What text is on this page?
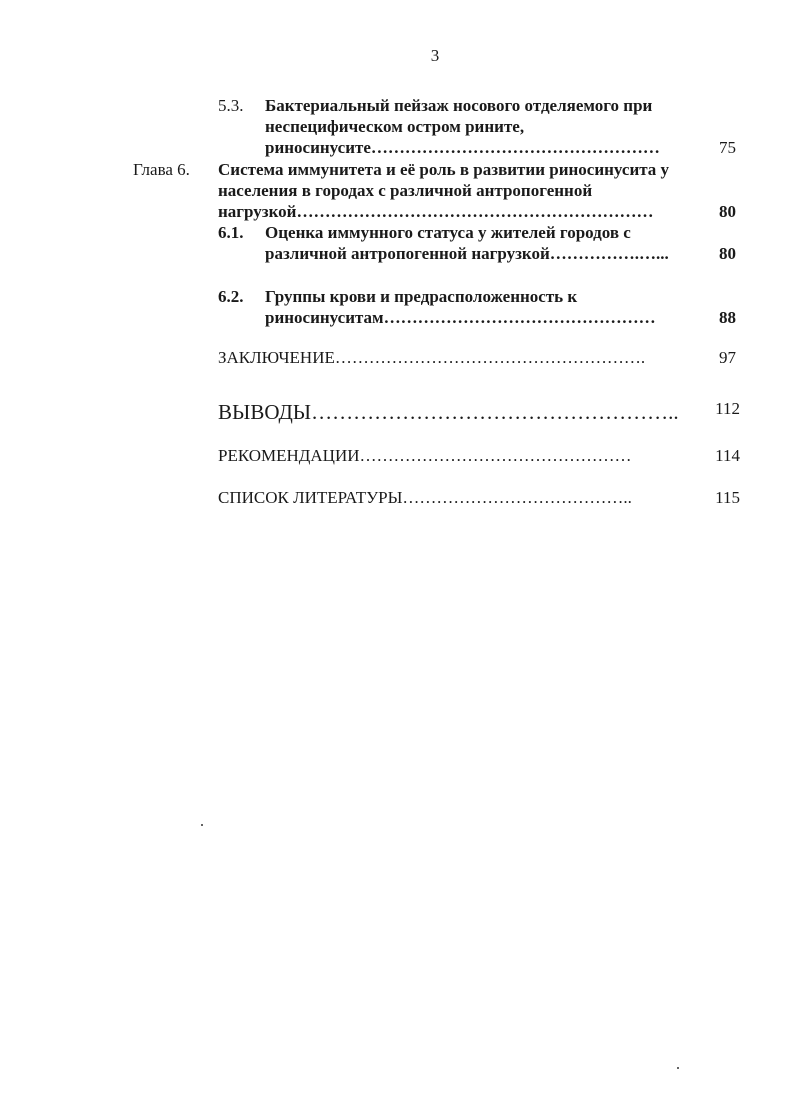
3
5.3. Бактериальный пейзаж носового отделяемого при
неспецифическом остром рините,
риносинуситe……………………………………………	75
Глава 6. Система иммунитета и её роль в развитии риносинусита у
населения в городах с различной антропогенной
нагрузкой………………………………………………………	80
6.1. Оценка иммунного статуса у жителей городов с
различной антропогенной нагрузкой…………….…...	80
6.2. Группы крови и предрасположенность к
риносинуситам…………………………………………	88
ЗАКЛЮЧЕНИЕ……………………………………………….	97
ВЫВОДЫ……………………………………………..	112
РЕКОМЕНДАЦИИ…………………………………………	114
СПИСОК ЛИТЕРАТУРЫ…………………………………..	115
